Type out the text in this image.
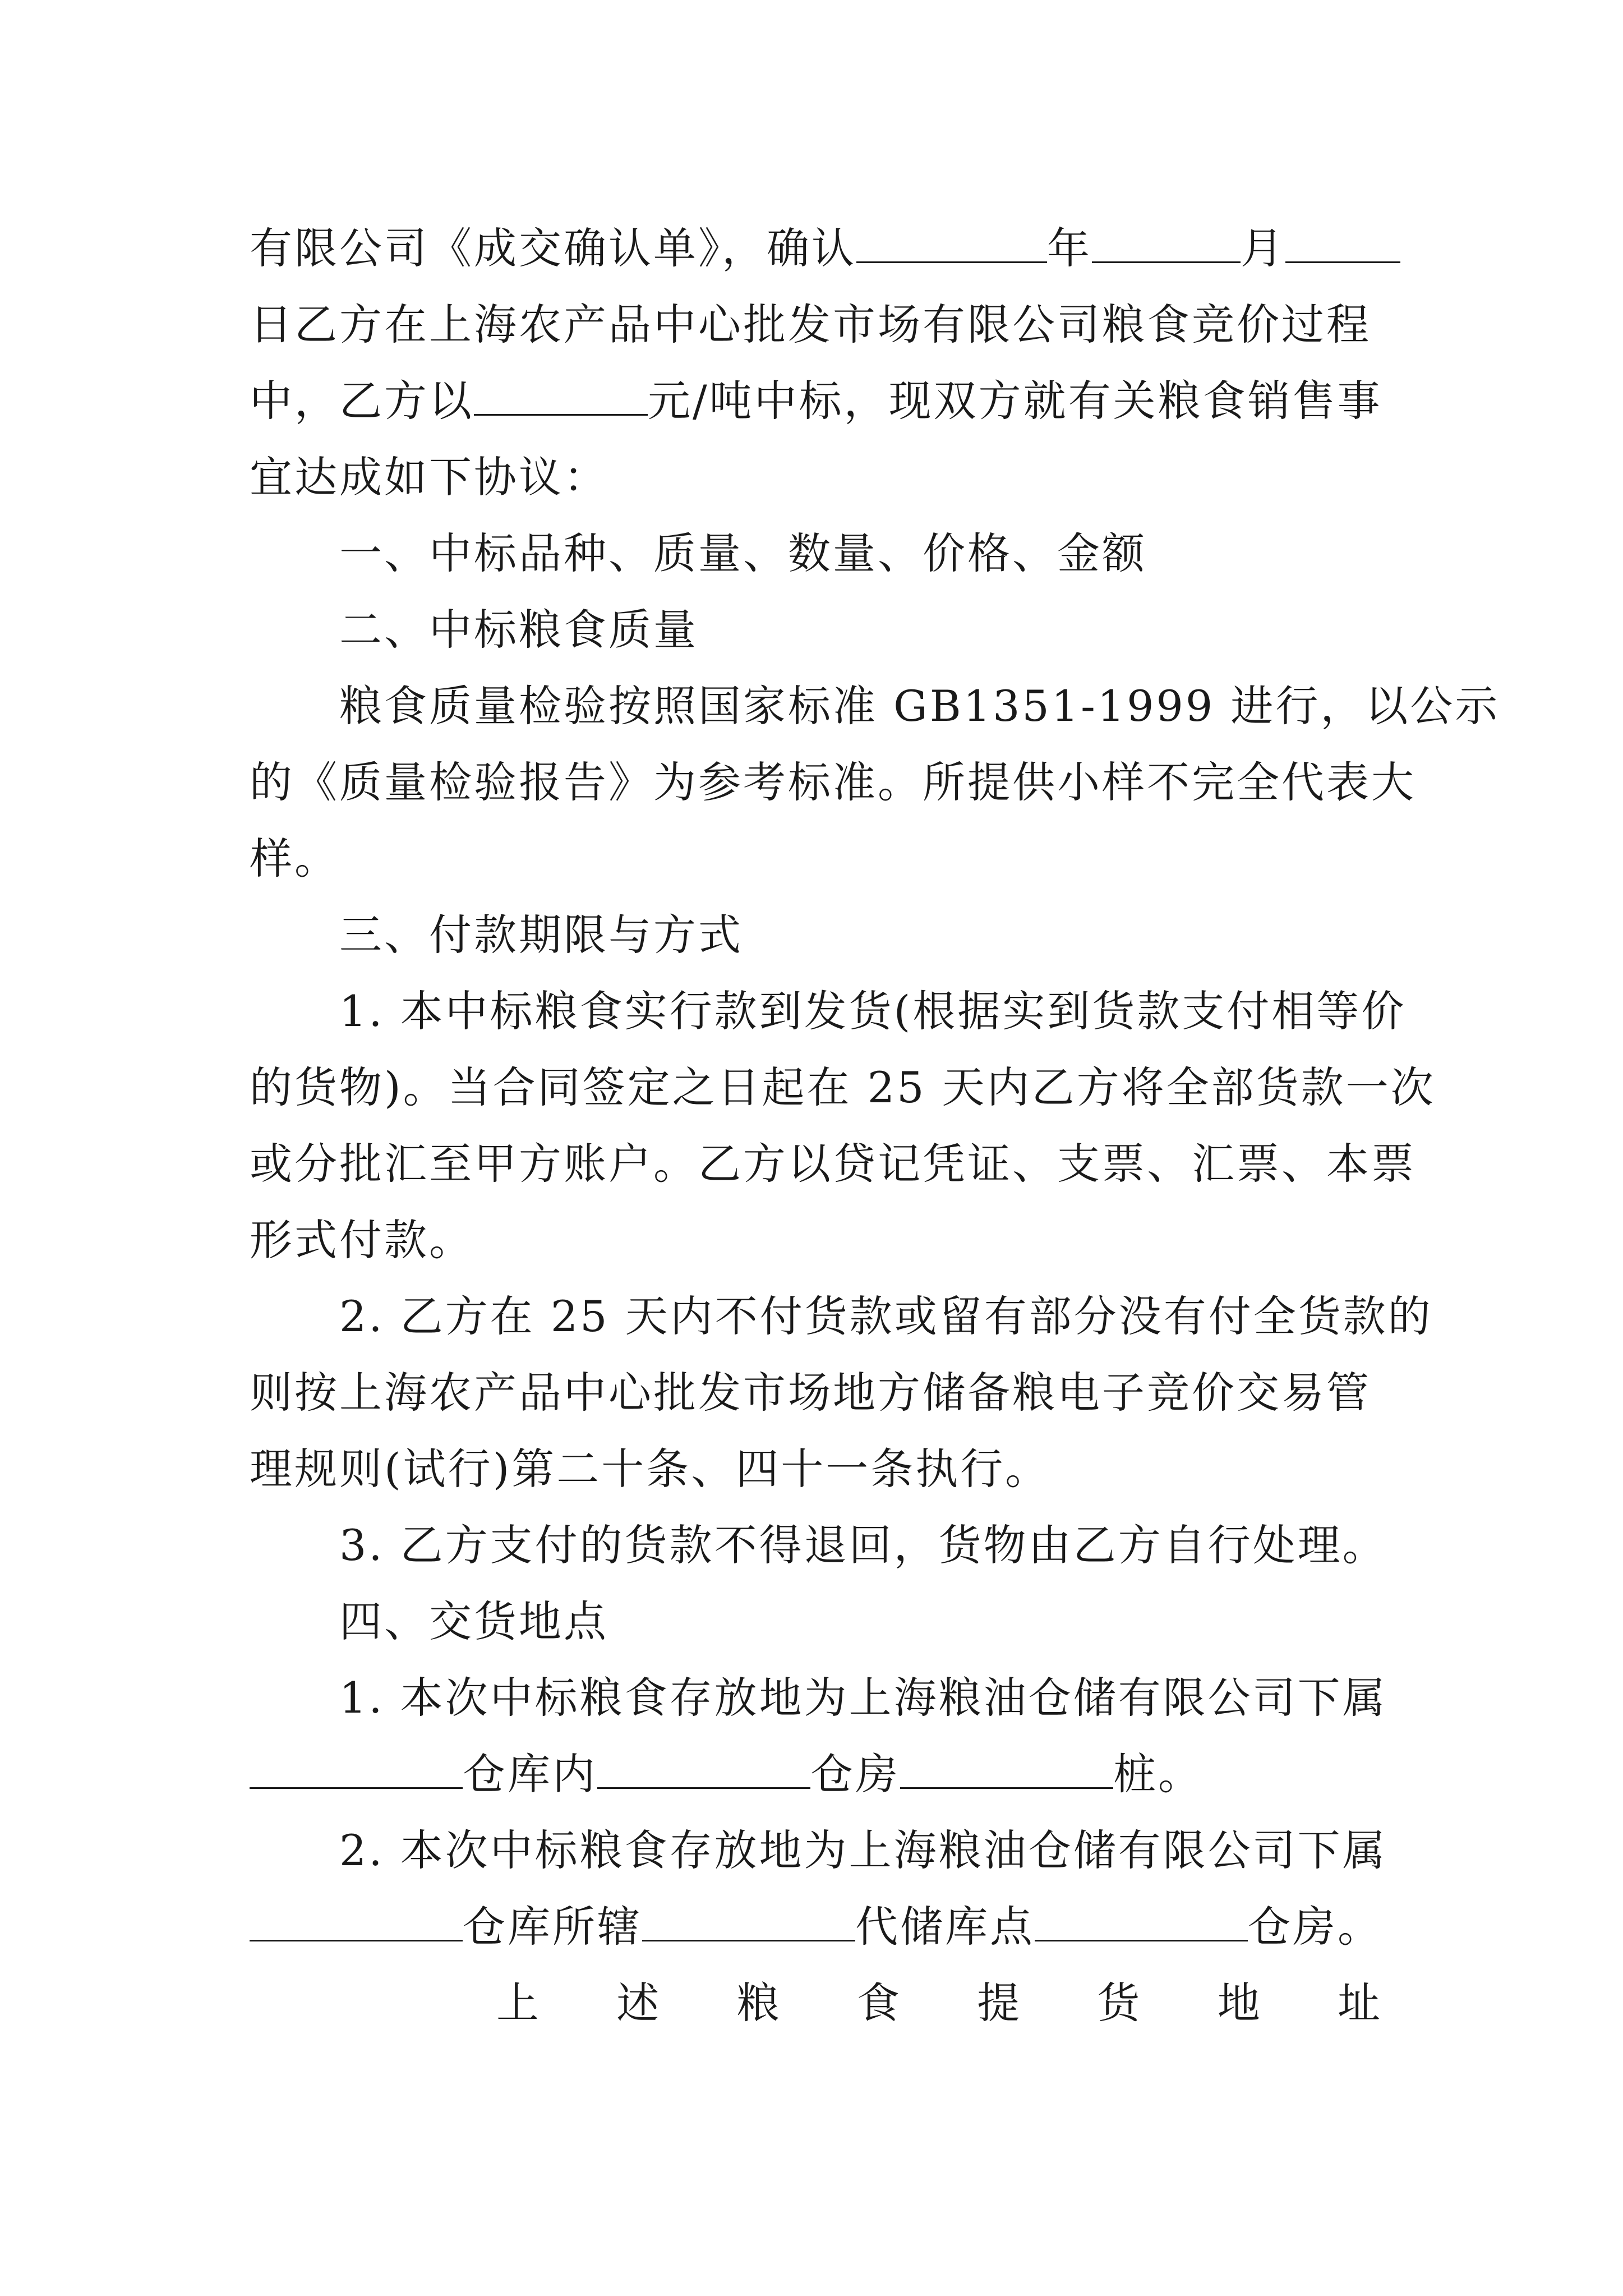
有限公司《成交确认单》，确认	年	月
日乙方在上海农产品中心批发市场有限公司粮食竞价过程
中，乙方以	元/吨中标，现双方就有关粮食销售事
宜达成如下协议：
一、中标品种、质量、数量、价格、金额
二、中标粮食质量
粮食质量检验按照国家标准 GB1351-1999 进行，以公示
的《质量检验报告》为参考标准。所提供小样不完全代表大
样。
三、付款期限与方式
1. 本中标粮食实行款到发货(根据实到货款支付相等价
的货物)。当合同签定之日起在 25 天内乙方将全部货款一次
或分批汇至甲方账户。乙方以贷记凭证、支票、汇票、本票
形式付款。
2. 乙方在 25 天内不付货款或留有部分没有付全货款的
则按上海农产品中心批发市场地方储备粮电子竞价交易管
理规则(试行)第二十条、四十一条执行。
3. 乙方支付的货款不得退回，货物由乙方自行处理。
四、交货地点
1. 本次中标粮食存放地为上海粮油仓储有限公司下属
仓库内	仓房	桩。
2. 本次中标粮食存放地为上海粮油仓储有限公司下属
仓库所辖	代储库点	仓房。
上 述 粮 食 提 货 地 址
